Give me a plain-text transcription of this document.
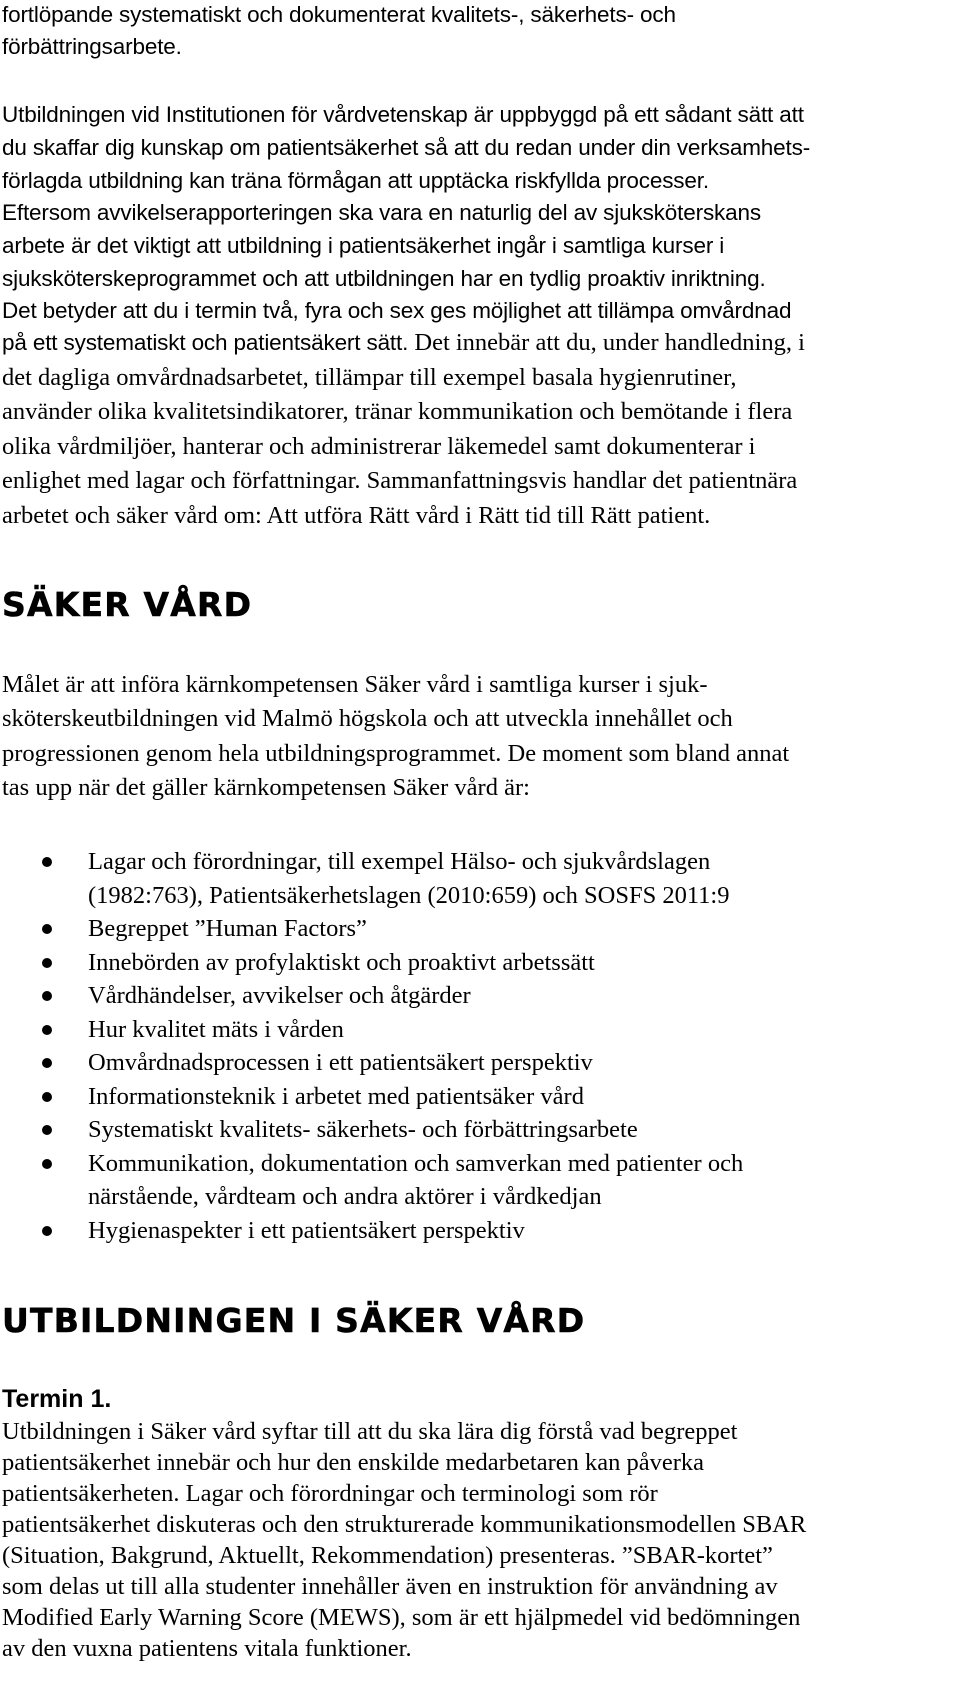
fortlöpande systematiskt och dokumenterat kvalitets-, säkerhets- och

förbättringsarbete.

Utbildningen vid Institutionen för vårdvetenskap är uppbyggd på ett sådant sätt att

du skaffar dig kunskap om patientsäkerhet så att du redan under din verksamhets-

förlagda utbildning kan träna förmågan att upptäcka riskfyllda processer.

Eftersom avvikelserapporteringen ska vara en naturlig del av sjuksköterskans

arbete är det viktigt att utbildning i patientsäkerhet ingår i samtliga kurser i

sjuksköterskeprogrammet och att utbildningen har en tydlig proaktiv inriktning.

Det betyder att du i termin två, fyra och sex ges möjlighet att tillämpa omvårdnad

på ett systematiskt och patientsäkert sätt. Det innebär att du, under handledning, i

det dagliga omvårdnadsarbetet, tillämpar till exempel basala hygienrutiner,

använder olika kvalitetsindikatorer, tränar kommunikation och bemötande i flera

olika vårdmiljöer, hanterar och administrerar läkemedel samt dokumenterar i

enlighet med lagar och författningar. Sammanfattningsvis handlar det patientnära

arbetet och säker vård om: Att utföra Rätt vård i Rätt tid till Rätt patient.

SÄKER VÅRD

Målet är att införa kärnkompetensen Säker vård i samtliga kurser i sjuk-

sköterskeutbildningen vid Malmö högskola och att utveckla innehållet och

progressionen genom hela utbildningsprogrammet. De moment som bland annat

tas upp när det gäller kärnkompetensen Säker vård är:

Lagar och förordningar, till exempel Hälso- och sjukvårdslagen
(1982:763), Patientsäkerhetslagen (2010:659) och SOSFS 2011:9
Begreppet ”Human Factors”
Innebörden av profylaktiskt och proaktivt arbetssätt
Vårdhändelser, avvikelser och åtgärder
Hur kvalitet mäts i vården
Omvårdnadsprocessen i ett patientsäkert perspektiv
Informationsteknik i arbetet med patientsäker vård
Systematiskt kvalitets- säkerhets- och förbättringsarbete
Kommunikation, dokumentation och samverkan med patienter och
närstående, vårdteam och andra aktörer i vårdkedjan
Hygienaspekter i ett patientsäkert perspektiv
UTBILDNINGEN I SÄKER VÅRD
Termin 1.

Utbildningen i Säker vård syftar till att du ska lära dig förstå vad begreppet

patientsäkerhet innebär och hur den enskilde medarbetaren kan påverka

patientsäkerheten. Lagar och förordningar och terminologi som rör

patientsäkerhet diskuteras och den strukturerade kommunikationsmodellen SBAR

(Situation, Bakgrund, Aktuellt, Rekommendation) presenteras. ”SBAR-kortet”

som delas ut till alla studenter innehåller även en instruktion för användning av

Modified Early Warning Score (MEWS), som är ett hjälpmedel vid bedömningen

av den vuxna patientens vitala funktioner.
